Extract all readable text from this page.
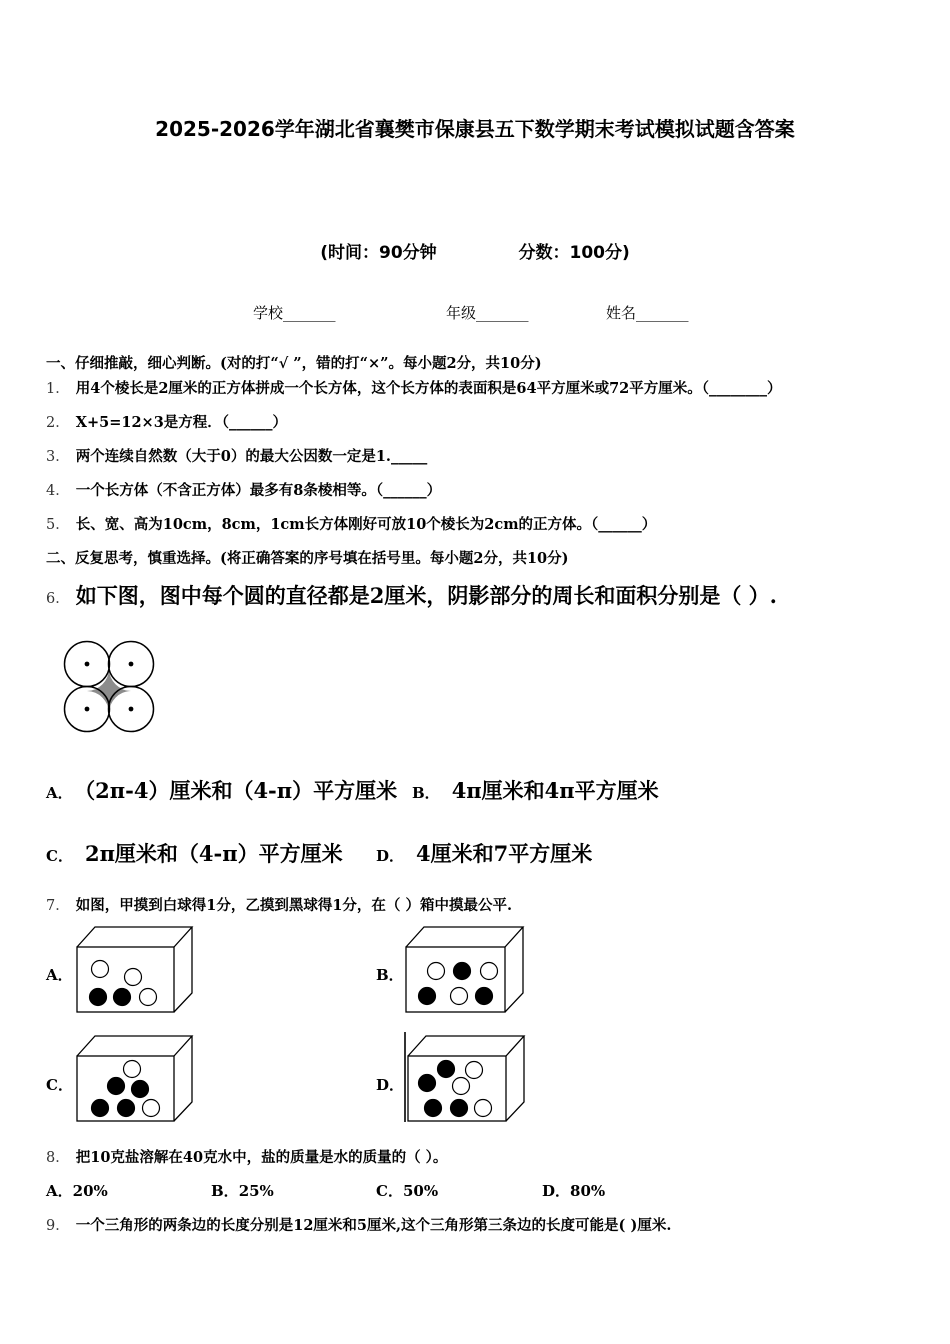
2025-2026学年湖北省襄樊市保康县五下数学期末考试模拟试题含答案
(时间：90分钟	分数：100分)
学校_______	年级_______	姓名_______
一、仔细推敲，细心判断。(对的打“√ ”，错的打“×”。每小题2分，共10分)
1． 用4个棱长是2厘米的正方体拼成一个长方体，这个长方体的表面积是64平方厘米或72平方厘米。（________）
2． X+5=12×3是方程．（______）
3． 两个连续自然数（大于0）的最大公因数一定是1._____
4． 一个长方体（不含正方体）最多有8条棱相等。（______）
5． 长、宽、高为10cm，8cm，1cm长方体刚好可放10个棱长为2cm的正方体。（______）
二、反复思考，慎重选择。(将正确答案的序号填在括号里。每小题2分，共10分)
6． 如下图，图中每个圆的直径都是2厘米，阴影部分的周长和面积分别是（ ）.
A． （2π-4）厘米和（4-π）平方厘米 B． 4π厘米和4π平方厘米
C． 2π厘米和（4-π）平方厘米 D． 4厘米和7平方厘米
7． 如图，甲摸到白球得1分，乙摸到黑球得1分，在（ ）箱中摸最公平.
A．	B．
C．	D．
8． 把10克盐溶解在40克水中，盐的质量是水的质量的（ ）。
A．20%	B．25%	C．50%	D．80%
9． 一个三角形的两条边的长度分别是12厘米和5厘米,这个三角形第三条边的长度可能是( )厘米.
